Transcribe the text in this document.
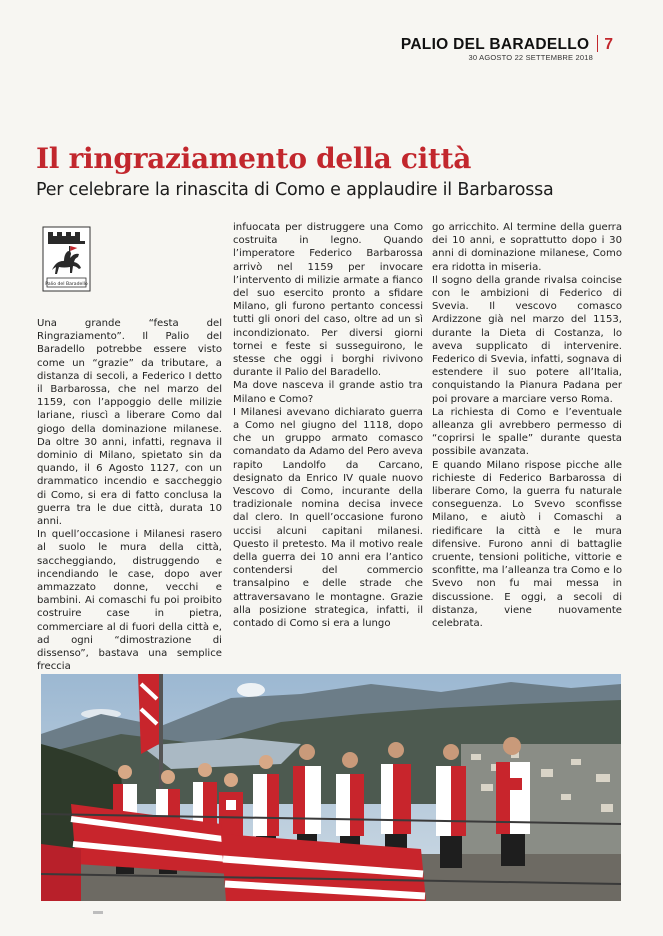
PALIO DEL BARADELLO 7
30 AGOSTO 22 SETTEMBRE 2018
Il ringraziamento della città
Per celebrare la rinascita di Como e applaudire il Barbarossa
Palio del Baradello

Una grande “festa del Ringraziamento”. Il Palio del Baradello potrebbe essere visto come un “grazie” da tributare, a distanza di secoli, a Federico I detto il Barbarossa, che nel marzo del 1159, con l’appoggio delle milizie lariane, riuscì a liberare Como dal giogo della dominazione milanese. Da oltre 30 anni, infatti, regnava il dominio di Milano, spietato sin da quando, il 6 Agosto 1127, con un drammatico incendio e saccheggio di Como, si era di fatto conclusa la guerra tra le due città, durata 10 anni.

In quell’occasione i Milanesi rasero al suolo le mura della città, saccheggiando, distruggendo e incendiando le case, dopo aver ammazzato donne, vecchi e bambini. Ai comaschi fu poi proibito costruire case in pietra, commerciare al di fuori della città e, ad ogni “dimostrazione di dissenso”, bastava una semplice freccia

infuocata per distruggere una Como costruita in legno. Quando l’imperatore Federico Barbarossa arrivò nel 1159 per invocare l’intervento di milizie armate a fianco del suo esercito pronto a sfidare Milano, gli furono pertanto concessi tutti gli onori del caso, oltre ad un sì incondizionato. Per diversi giorni tornei e feste si susseguirono, le stesse che oggi i borghi rivivono durante il Palio del Baradello.

Ma dove nasceva il grande astio tra Milano e Como?

I Milanesi avevano dichiarato guerra a Como nel giugno del 1118, dopo che un gruppo armato comasco comandato da Adamo del Pero aveva rapito Landolfo da Carcano, designato da Enrico IV quale nuovo Vescovo di Como, incurante della tradizionale nomina decisa invece dal clero. In quell’occasione furono uccisi alcuni capitani milanesi. Questo il pretesto. Ma il motivo reale della guerra dei 10 anni era l’antico contendersi del commercio transalpino e delle strade che attraversavano le montagne. Grazie alla posizione strategica, infatti, il contado di Como si era a lungo

go arricchito. Al termine della guerra dei 10 anni, e soprattutto dopo i 30 anni di dominazione milanese, Como era ridotta in miseria.

Il sogno della grande rivalsa coincise con le ambizioni di Federico di Svevia. Il vescovo comasco Ardizzone già nel marzo del 1153, durante la Dieta di Costanza, lo aveva supplicato di intervenire. Federico di Svevia, infatti, sognava di estendere il suo potere all’Italia, conquistando la Pianura Padana per poi provare a marciare verso Roma.

La richiesta di Como e l’eventuale alleanza gli avrebbero permesso di “coprirsi le spalle” durante questa possibile avanzata.

E quando Milano rispose picche alle richieste di Federico Barbarossa di liberare Como, la guerra fu naturale conseguenza. Lo Svevo sconfisse Milano, e aiutò i Comaschi a riedificare la città e le mura difensive. Furono anni di battaglie cruente, tensioni politiche, vittorie e sconfitte, ma l’alleanza tra Como e lo Svevo non fu mai messa in discussione. E oggi, a secoli di distanza, viene nuovamente celebrata.
